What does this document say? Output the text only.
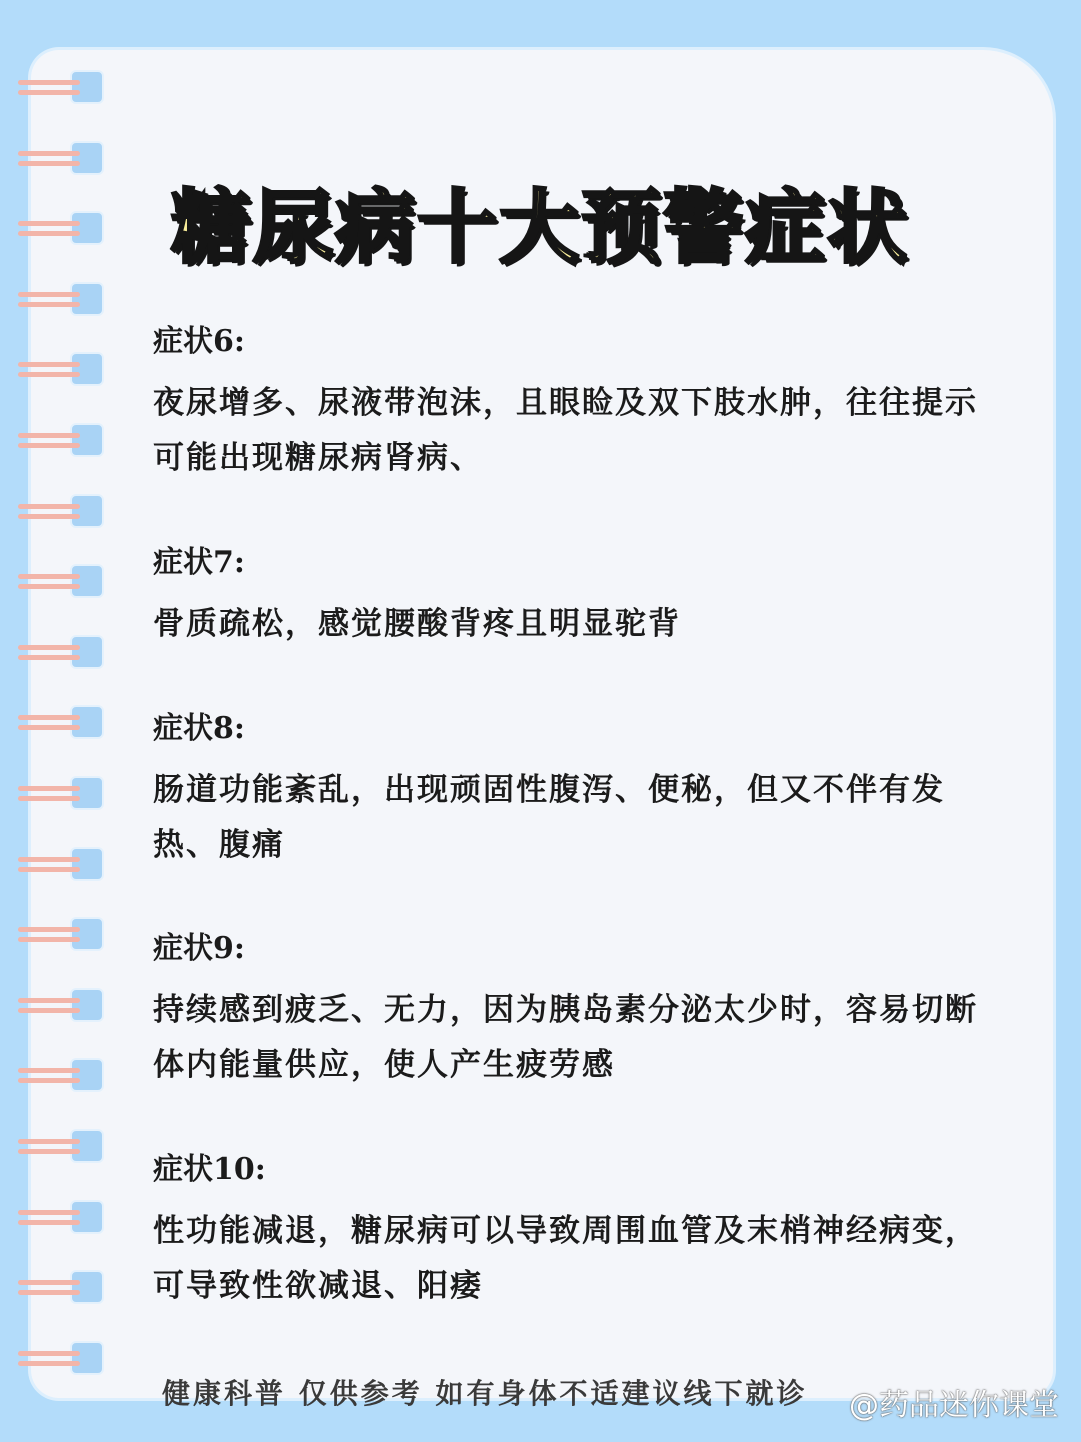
糖尿病十大预警症状
症状6:
夜尿增多、尿液带泡沫，且眼睑及双下肢水肿，往往提示可能出现糖尿病肾病、
症状7:
骨质疏松，感觉腰酸背疼且明显驼背
症状8:
肠道功能紊乱，出现顽固性腹泻、便秘，但又不伴有发热、腹痛
症状9:
持续感到疲乏、无力，因为胰岛素分泌太少时，容易切断体内能量供应，使人产生疲劳感
症状10:
性功能减退，糖尿病可以导致周围血管及末梢神经病变，可导致性欲减退、阳痿
健康科普 仅供参考 如有身体不适建议线下就诊 @药品迷你课堂
